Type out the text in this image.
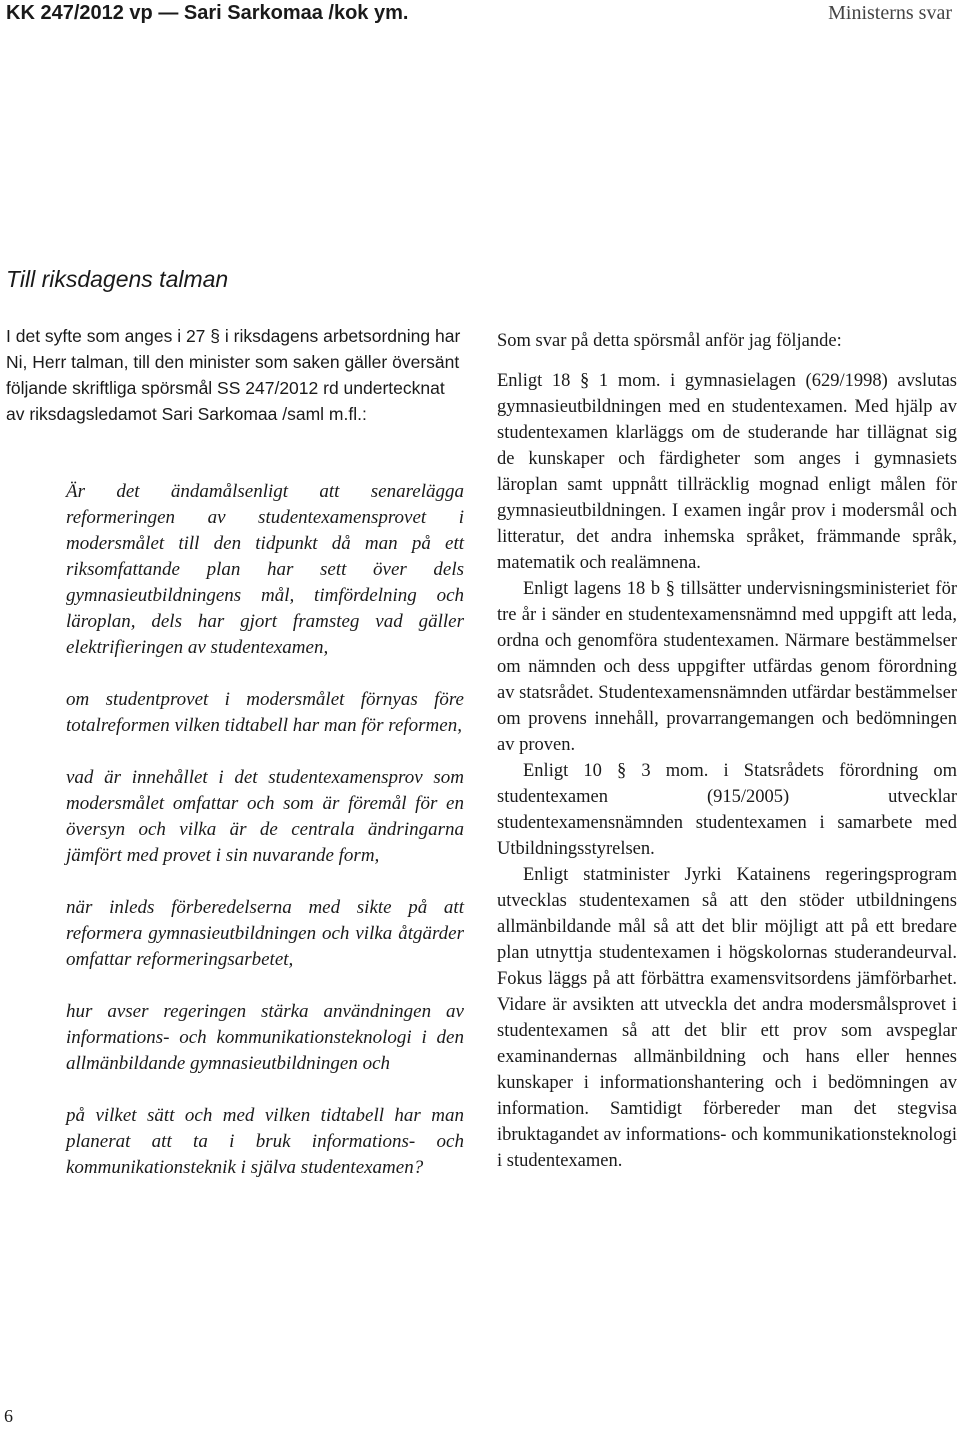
KK 247/2012 vp — Sari Sarkomaa /kok ym.	Ministerns svar
Till riksdagens talman

I det syfte som anges i 27 § i riksdagens arbetsordning har Ni, Herr talman, till den minister som saken gäller översänt följande skriftliga spörsmål SS 247/2012 rd undertecknat av riksdagsledamot Sari Sarkomaa /saml m.fl.:

Är det ändamålsenligt att senarelägga reformeringen av studentexamensprovet i modersmålet till den tidpunkt då man på ett riksomfattande plan har sett över dels gymnasieutbildningens mål, timfördelning och läroplan, dels har gjort framsteg vad gäller elektrifieringen av studentexamen,

om studentprovet i modersmålet förnyas före totalreformen vilken tidtabell har man för reformen,

vad är innehållet i det studentexamensprov som modersmålet omfattar och som är föremål för en översyn och vilka är de centrala ändringarna jämfört med provet i sin nuvarande form,

när inleds förberedelserna med sikte på att reformera gymnasieutbildningen och vilka åtgärder omfattar reformeringsarbetet,

hur avser regeringen stärka användningen av informations- och kommunikationsteknologi i den allmänbildande gymnasieutbildningen och

på vilket sätt och med vilken tidtabell har man planerat att ta i bruk informations- och kommunikationsteknik i själva studentexamen?

Som svar på detta spörsmål anför jag följande:

Enligt 18 § 1 mom. i gymnasielagen (629/1998) avslutas gymnasieutbildningen med en studentexamen. Med hjälp av studentexamen klarläggs om de studerande har tillägnat sig de kunskaper och färdigheter som anges i gymnasiets läroplan samt uppnått tillräcklig mognad enligt målen för gymnasieutbildningen. I examen ingår prov i modersmål och litteratur, det andra inhemska språket, främmande språk, matematik och realämnena.

Enligt lagens 18 b § tillsätter undervisningsministeriet för tre år i sänder en studentexamensnämnd med uppgift att leda, ordna och genomföra studentexamen. Närmare bestämmelser om nämnden och dess uppgifter utfärdas genom förordning av statsrådet. Studentexamensnämnden utfärdar bestämmelser om provens innehåll, provarrangemangen och bedömningen av proven.

Enligt 10 § 3 mom. i Statsrådets förordning om studentexamen (915/2005) utvecklar studentexamensnämnden studentexamen i samarbete med Utbildningsstyrelsen.

Enligt statminister Jyrki Katainens regeringsprogram utvecklas studentexamen så att den stöder utbildningens allmänbildande mål så att det blir möjligt att på ett bredare plan utnyttja studentexamen i högskolornas studerandeurval. Fokus läggs på att förbättra examensvitsordens jämförbarhet. Vidare är avsikten att utveckla det andra modersmålsprovet i studentexamen så att det blir ett prov som avspeglar examinandernas allmänbildning och hans eller hennes kunskaper i informationshantering och i bedömningen av information. Samtidigt förbereder man det stegvisa ibruktagandet av informations- och kommunikationsteknologi i studentexamen.

6
